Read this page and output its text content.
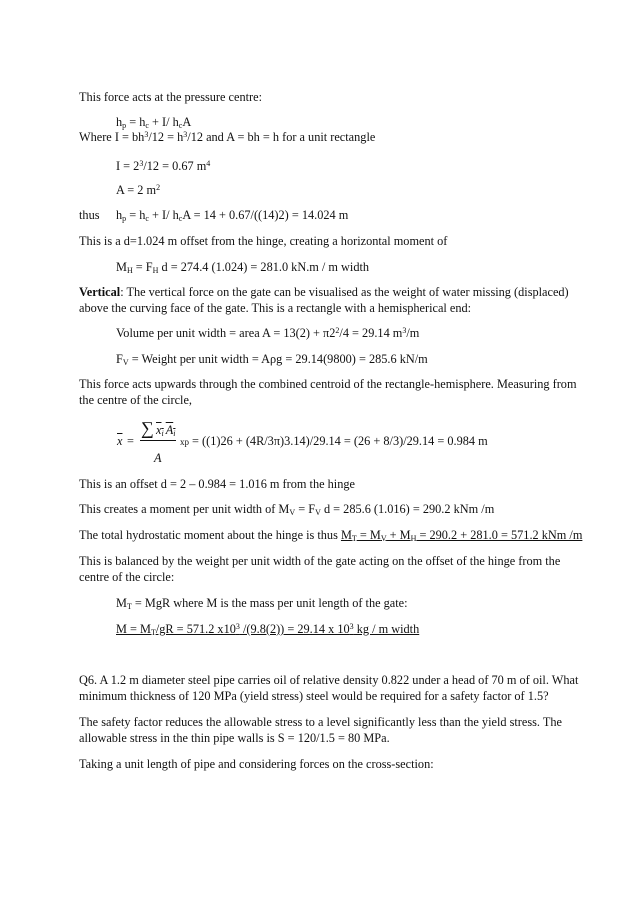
This force acts at the pressure centre:
$h_p = h_c + I/$ $h_cA$
Where $I = bh^3/12 = h^3/12$ and A = bh = h for a unit rectangle
$I = 2^3/12 = 0.67$ $m^4$
A = 2 $m^2$
thus $h_p = h_c + I/$ $h_cA = 14 + 0.67/((14)2) = 14.024$ m
This is a d=1.024 m offset from the hinge, creating a horizontal moment of
$M_H = F_H$ d = 274.4 (1.024) = 281.0 kN.m / m width
Vertical: The vertical force on the gate can be visualised as the weight of water missing (displaced)
above the curving face of the gate. This is a rectangle with a hemispherical end:
Volume per unit width = area $A = 13(2) + \pi 2^2/4 = 29.14$ $m^3/m$
$F_V$ = Weight per unit width = Aρg = 29.14(9800) = 285.6 kN/m
This force acts upwards through the combined centroid of the rectangle-hemisphere. Measuring from
the centre of the circle,
$\overline{x}$ =
∑ $x_i$ $A_i$
A
xp = ((1)26 + (4R/3π)3.14)/29.14 = (26 + 8/3)/29.14 = 0.984 m
This is an offset d = 2 – 0.984 = 1.016 m from the hinge
This creates a moment per unit width of $M_V = F_V$ d = 285.6 (1.016) = 290.2 kNm /m
The total hydrostatic moment about the hinge is thus $M_T = M_V + M_H = 290.2 + 281.0 = 571.2$ kNm /m
This is balanced by the weight per unit width of the gate acting on the offset of the hinge from the
centre of the circle:
$M_T$ = MgR where M is the mass per unit length of the gate:
$M = M_T/gR = 571.2$ $x10^3$ /(9.8(2)) = 29.14 x $10^3$ kg / m width
Q6. A 1.2 m diameter steel pipe carries oil of relative density 0.822 under a head of 70 m of oil. What
minimum thickness of 120 MPa (yield stress) steel would be required for a safety factor of 1.5?
The safety factor reduces the allowable stress to a level significantly less than the yield stress. The
allowable stress in the thin pipe walls is S = 120/1.5 = 80 MPa.
Taking a unit length of pipe and considering forces on the cross-section:
